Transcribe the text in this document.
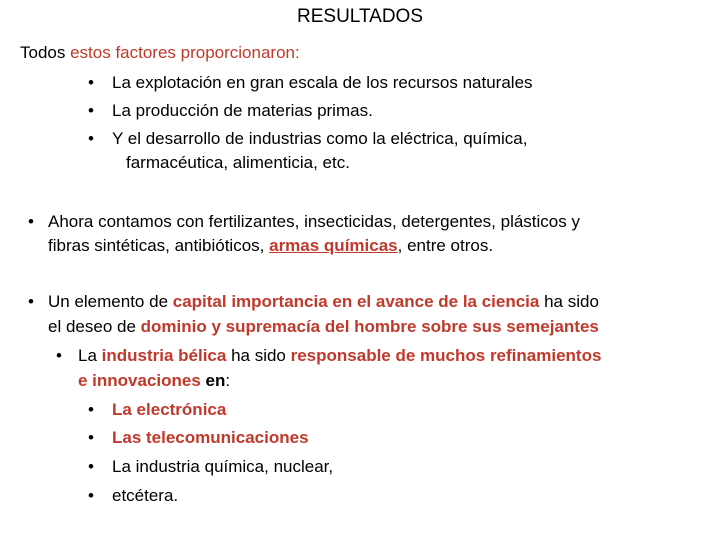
RESULTADOS
Todos estos factores proporcionaron:
• La explotación en gran escala de los recursos naturales
• La producción de materias primas.
• Y el desarrollo de industrias como la eléctrica, química,
farmacéutica, alimenticia, etc.
• Ahora contamos con fertilizantes, insecticidas, detergentes, plásticos y
fibras sintéticas, antibióticos, armas químicas, entre otros.
• Un elemento de capital importancia en el avance de la ciencia ha sido
el deseo de dominio y supremacía del hombre sobre sus semejantes
• La industria bélica ha sido responsable de muchos refinamientos
e innovaciones en:
• La electrónica
• Las telecomunicaciones
• La industria química, nuclear,
• etcétera.
